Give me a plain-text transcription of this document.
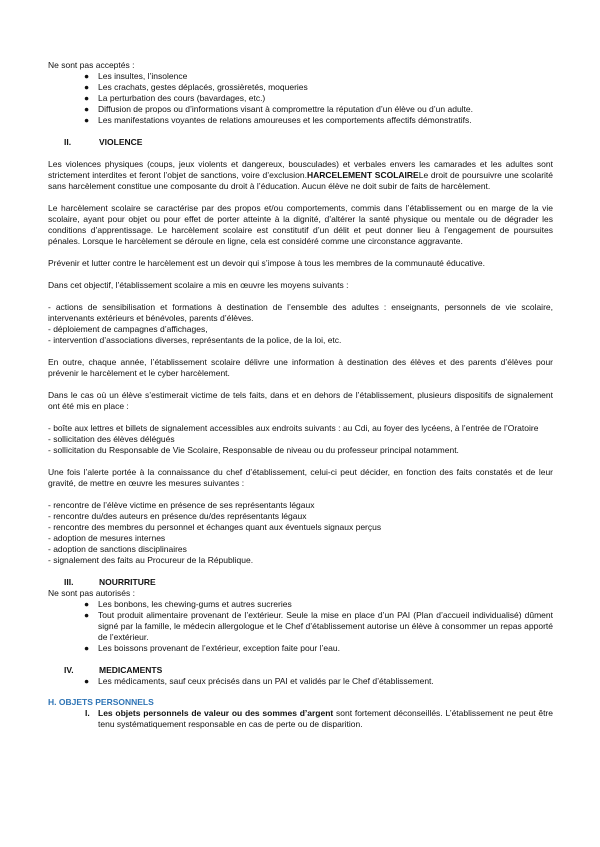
Ne sont pas acceptés :

● Les insultes, l’insolence
● Les crachats, gestes déplacés, grossièretés, moqueries
● La perturbation des cours (bavardages, etc.)
● Diffusion de propos ou d’informations visant à compromettre la réputation d’un élève ou d’un adulte.
● Les manifestations voyantes de relations amoureuses et les comportements affectifs démonstratifs.
II.	VIOLENCE

Les violences physiques (coups, jeux violents et dangereux, bousculades) et verbales envers les camarades et les adultes sont strictement interdites et feront l’objet de sanctions, voire d’exclusion.HARCELEMENT SCOLAIRELe droit de poursuivre une scolarité sans harcèlement constitue une composante du droit à l’éducation. Aucun élève ne doit subir de faits de harcèlement.

Le harcèlement scolaire se caractérise par des propos et/ou comportements, commis dans l’établissement ou en marge de la vie scolaire, ayant pour objet ou pour effet de porter atteinte à la dignité, d’altérer la santé physique ou mentale ou de dégrader les conditions d’apprentissage. Le harcèlement scolaire est constitutif d’un délit et peut donner lieu à l’engagement de poursuites pénales. Lorsque le harcèlement se déroule en ligne, cela est considéré comme une circonstance aggravante.

Prévenir et lutter contre le harcèlement est un devoir qui s’impose à tous les membres de la communauté éducative.

Dans cet objectif, l’établissement scolaire a mis en œuvre les moyens suivants :

- actions de sensibilisation et formations à destination de l’ensemble des adultes : enseignants, personnels de vie scolaire, intervenants extérieurs et bénévoles, parents d’élèves.
- déploiement de campagnes d’affichages,
- intervention d’associations diverses, représentants de la police, de la loi, etc.

En outre, chaque année, l’établissement scolaire délivre une information à destination des élèves et des parents d’élèves pour prévenir le harcèlement et le cyber harcèlement.

Dans le cas où un élève s’estimerait victime de tels faits, dans et en dehors de l’établissement, plusieurs dispositifs de signalement ont été mis en place :

- boîte aux lettres et billets de signalement accessibles aux endroits suivants : au Cdi, au foyer des lycéens, à l’entrée de l’Oratoire
- sollicitation des élèves délégués
- sollicitation du Responsable de Vie Scolaire, Responsable de niveau ou du professeur principal notamment.

Une fois l’alerte portée à la connaissance du chef d’établissement, celui-ci peut décider, en fonction des faits constatés et de leur gravité, de mettre en œuvre les mesures suivantes :

- rencontre de l’élève victime en présence de ses représentants légaux
- rencontre du/des auteurs en présence du/des représentants légaux
- rencontre des membres du personnel et échanges quant aux éventuels signaux perçus
- adoption de mesures internes
- adoption de sanctions disciplinaires
- signalement des faits au Procureur de la République.
III.	NOURRITURE

Ne sont pas autorisés :

● Les bonbons, les chewing-gums et autres sucreries
● Tout produit alimentaire provenant de l’extérieur. Seule la mise en place d’un PAI (Plan d’accueil individualisé) dûment signé par la famille, le médecin allergologue et le Chef d’établissement autorise un élève à consommer un repas apporté de l’extérieur.
● Les boissons provenant de l’extérieur, exception faite pour l’eau.
IV.	MEDICAMENTS
● Les médicaments, sauf ceux précisés dans un PAI et validés par le Chef d’établissement.
H. OBJETS PERSONNELS
I. Les objets personnels de valeur ou des sommes d’argent sont fortement déconseillés. L’établissement ne peut être tenu systématiquement responsable en cas de perte ou de disparition.
